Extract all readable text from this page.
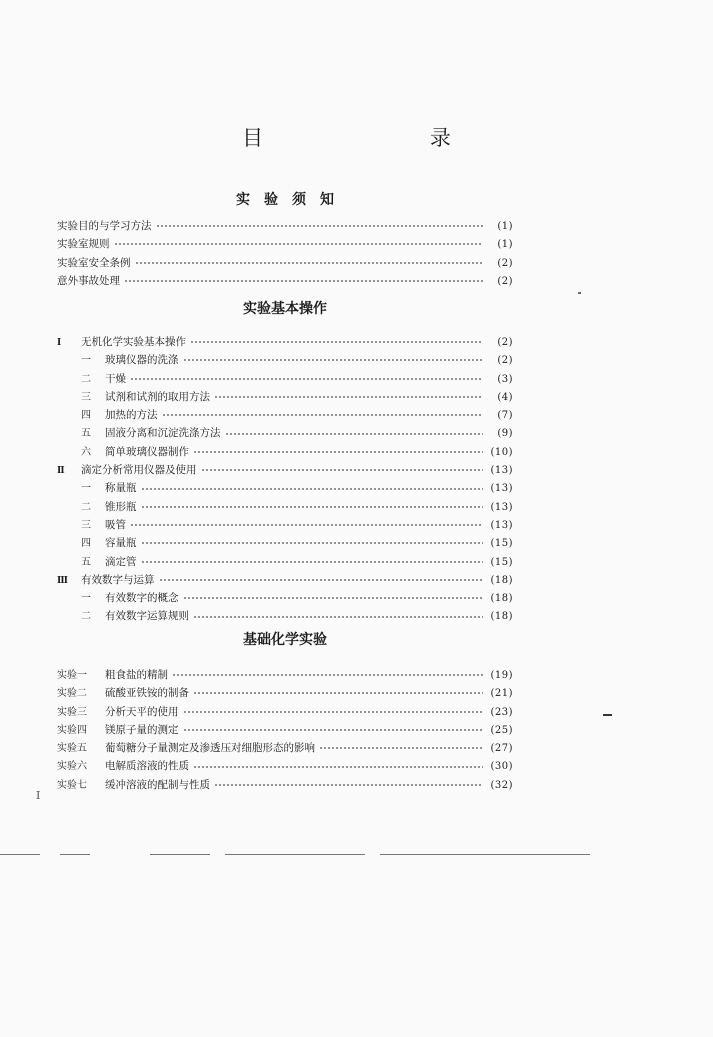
目 录
实验须知
实验目的与学习方法	(1)
实验室规则	(1)
实验室安全条例	(2)
意外事故处理	(2)
实验基本操作
I	无机化学实验基本操作	(2)
一	玻璃仪器的洗涤	(2)
二	干燥	(3)
三	试剂和试剂的取用方法	(4)
四	加热的方法	(7)
五	固液分离和沉淀洗涤方法	(9)
六	简单玻璃仪器制作	(10)
Ⅱ	滴定分析常用仪器及使用	(13)
一	称量瓶	(13)
二	锥形瓶	(13)
三	吸管	(13)
四	容量瓶	(15)
五	滴定管	(15)
Ⅲ	有效数字与运算	(18)
一	有效数字的概念	(18)
二	有效数字运算规则	(18)
基础化学实验
实验一	粗食盐的精制	(19)
实验二	硫酸亚铁铵的制备	(21)
实验三	分析天平的使用	(23)
实验四	镁原子量的测定	(25)
实验五	葡萄糖分子量测定及渗透压对细胞形态的影响	(27)
实验六	电解质溶液的性质	(30)
实验七	缓冲溶液的配制与性质	(32)
I
